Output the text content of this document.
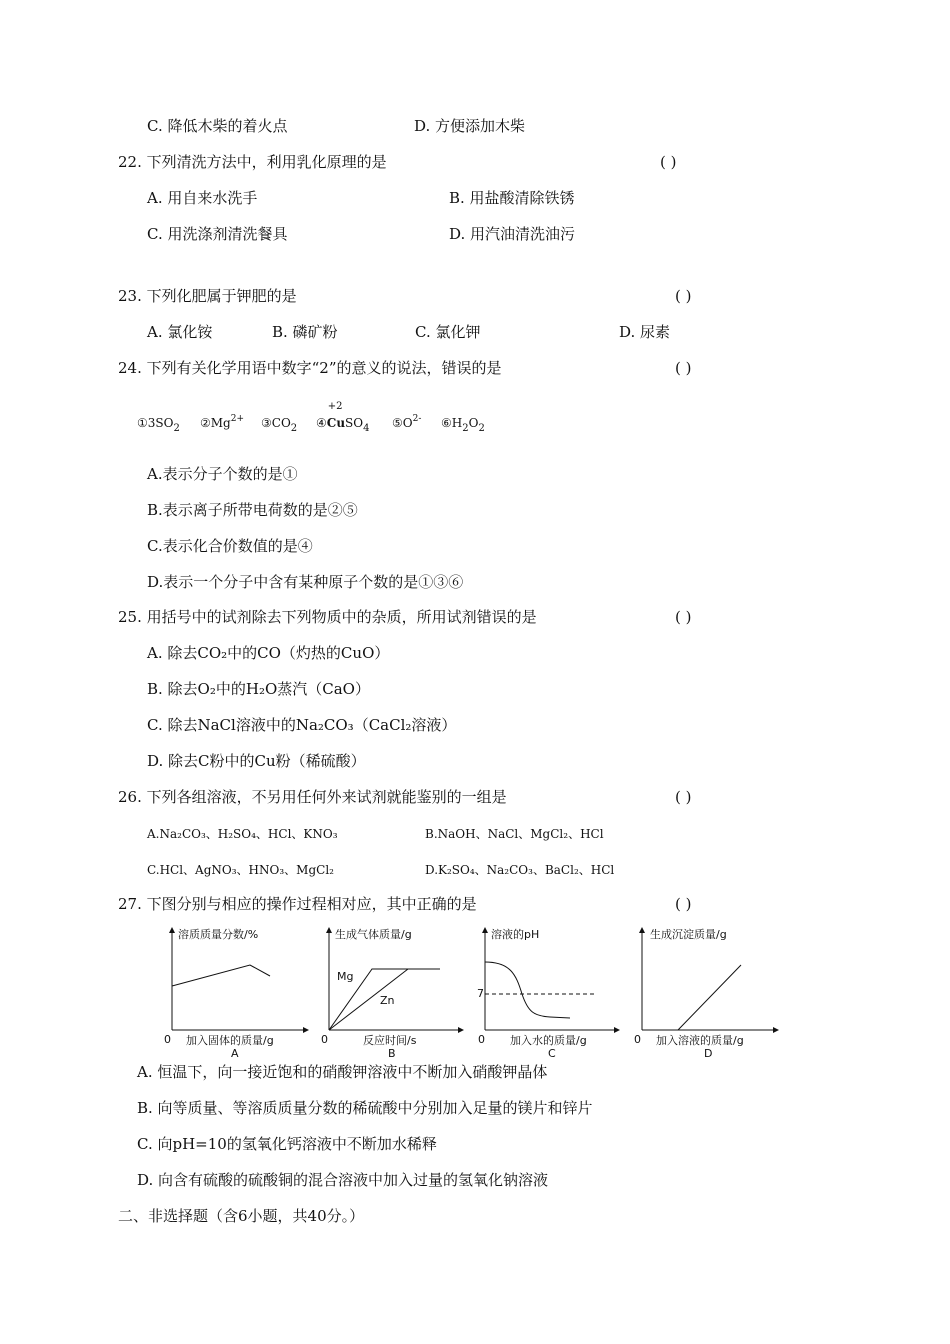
C. 降低木柴的着火点	D. 方便添加木柴
22. 下列清洗方法中，利用乳化原理的是	( )
A. 用自来水洗手	B. 用盐酸清除铁锈
C. 用洗涤剂清洗餐具	D. 用汽油清洗油污
23. 下列化肥属于钾肥的是	( )
A. 氯化铵	B. 磷矿粉	C. 氯化钾	D. 尿素
24. 下列有关化学用语中数字“2”的意义的说法，错误的是	( )
$①3SO_2$ $②Mg^{2+}$ $③CO_2$ ④
+2
CuSO$_4$ $⑤O^{2-}$ $⑥H_2O_2$
A.表示分子个数的是①
B.表示离子所带电荷数的是②⑤
C.表示化合价数值的是④
D.表示一个分子中含有某种原子个数的是①③⑥
25. 用括号中的试剂除去下列物质中的杂质，所用试剂错误的是	( )
A. 除去CO₂中的CO（灼热的CuO）
B. 除去O₂中的H₂O蒸汽（CaO）
C. 除去NaCl溶液中的Na₂CO₃（CaCl₂溶液）
D. 除去C粉中的Cu粉（稀硫酸）
26. 下列各组溶液，不另用任何外来试剂就能鉴别的一组是	( )
A.Na₂CO₃、H₂SO₄、HCl、KNO₃	B.NaOH、NaCl、MgCl₂、HCl
C.HCl、AgNO₃、HNO₃、MgCl₂	D.K₂SO₄、Na₂CO₃、BaCl₂、HCl
27. 下图分别与相应的操作过程相对应，其中正确的是	( )
溶质质量分数/%
0 加入固体的质量/g
A
生成气体质量/g
Mg
Zn
0	反应时间/s
B
溶液的pH
7
0 加入水的质量/g
C
生成沉淀质量/g
0 加入溶液的质量/g
D
A. 恒温下，向一接近饱和的硝酸钾溶液中不断加入硝酸钾晶体
B. 向等质量、等溶质质量分数的稀硫酸中分别加入足量的镁片和锌片
C. 向pH=10的氢氧化钙溶液中不断加水稀释
D. 向含有硫酸的硫酸铜的混合溶液中加入过量的氢氧化钠溶液
二、非选择题（含6小题，共40分。）
